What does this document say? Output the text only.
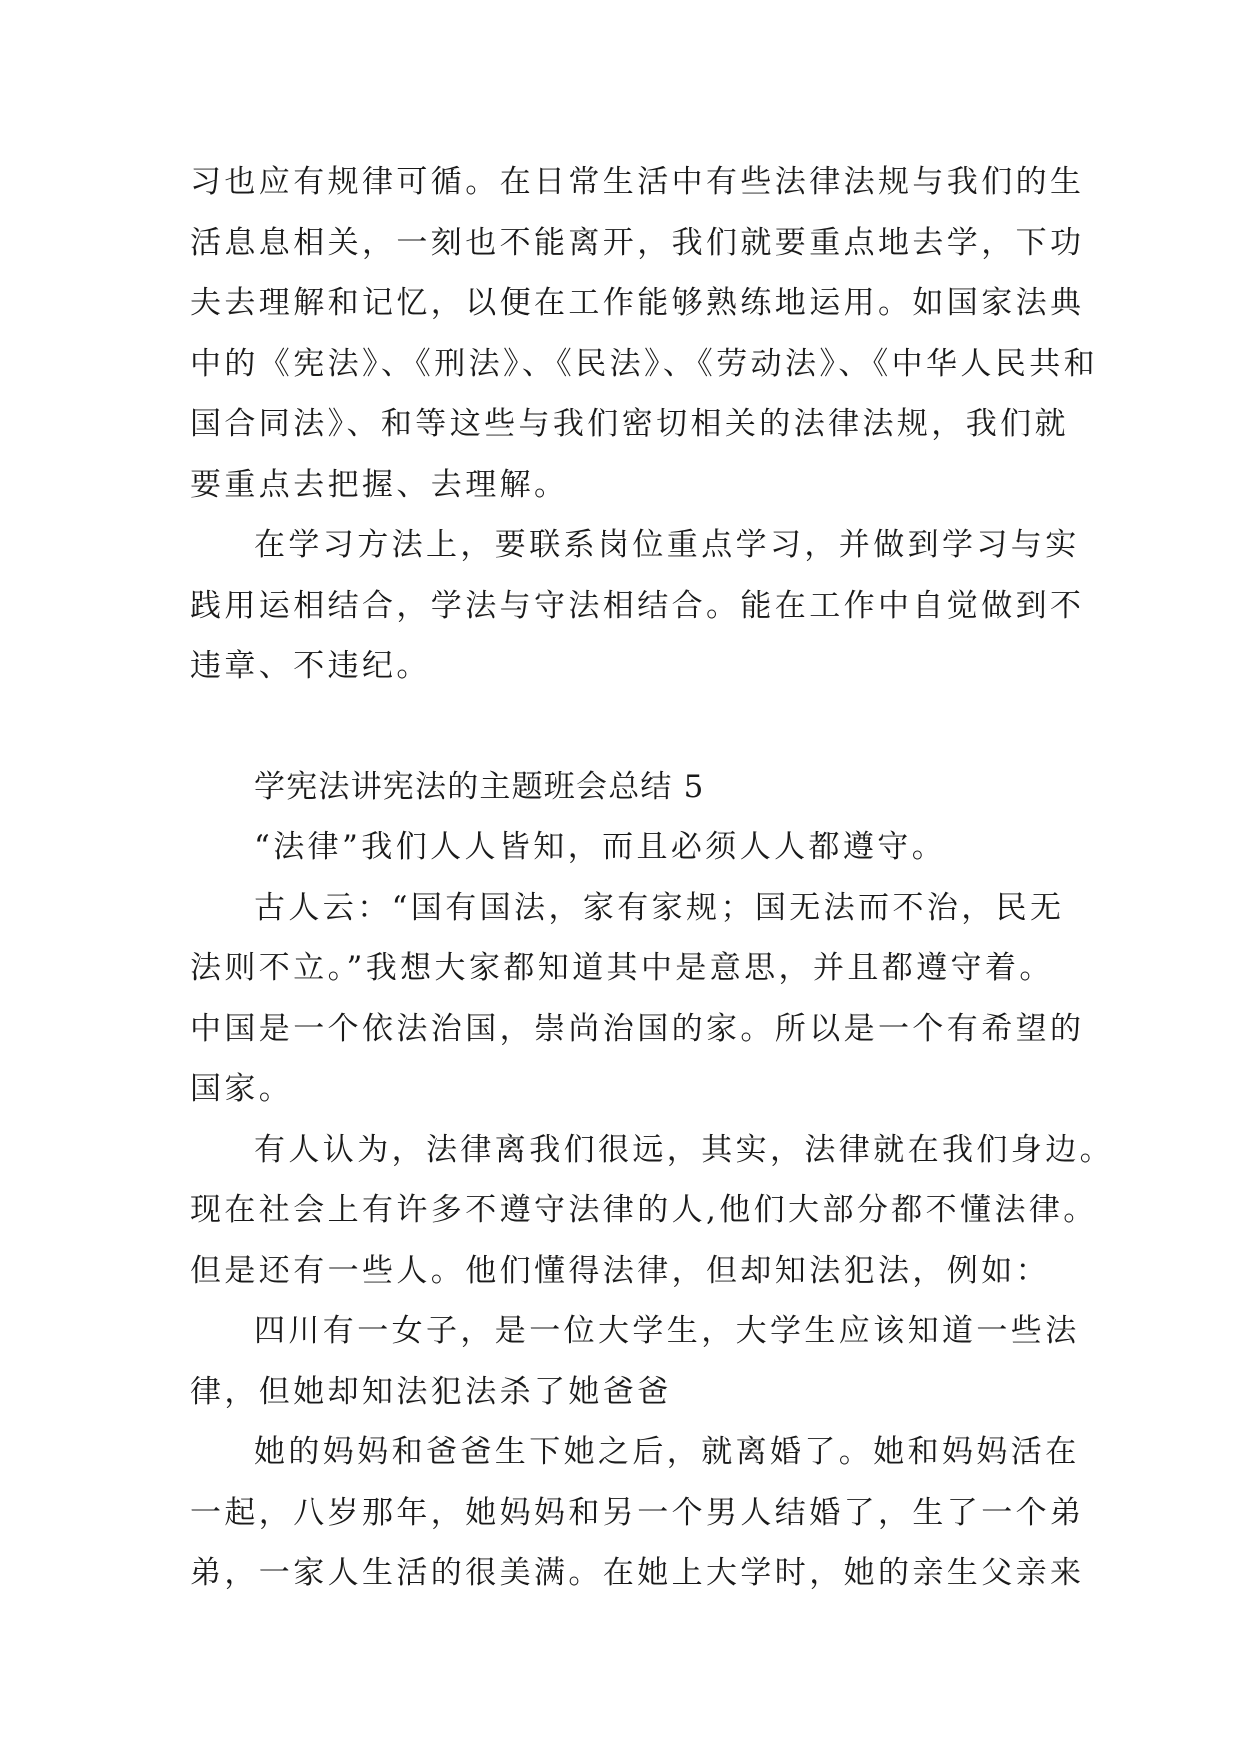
习也应有规律可循。在日常生活中有些法律法规与我们的生
活息息相关，一刻也不能离开，我们就要重点地去学，下功
夫去理解和记忆，以便在工作能够熟练地运用。如国家法典
中的《宪法》、《刑法》、《民法》、《劳动法》、《中华人民共和
国合同法》、和等这些与我们密切相关的法律法规，我们就
要重点去把握、去理解。
在学习方法上，要联系岗位重点学习，并做到学习与实
践用运相结合，学法与守法相结合。能在工作中自觉做到不
违章、不违纪。
学宪法讲宪法的主题班会总结 5
“法律”我们人人皆知，而且必须人人都遵守。
古人云：“国有国法，家有家规；国无法而不治，民无
法则不立。”我想大家都知道其中是意思，并且都遵守着。
中国是一个依法治国，崇尚治国的家。所以是一个有希望的
国家。
有人认为，法律离我们很远，其实，法律就在我们身边。
现在社会上有许多不遵守法律的人,他们大部分都不懂法律。
但是还有一些人。他们懂得法律，但却知法犯法，例如：
四川有一女子，是一位大学生，大学生应该知道一些法
律，但她却知法犯法杀了她爸爸
她的妈妈和爸爸生下她之后，就离婚了。她和妈妈活在
一起，八岁那年，她妈妈和另一个男人结婚了，生了一个弟
弟，一家人生活的很美满。在她上大学时，她的亲生父亲来
